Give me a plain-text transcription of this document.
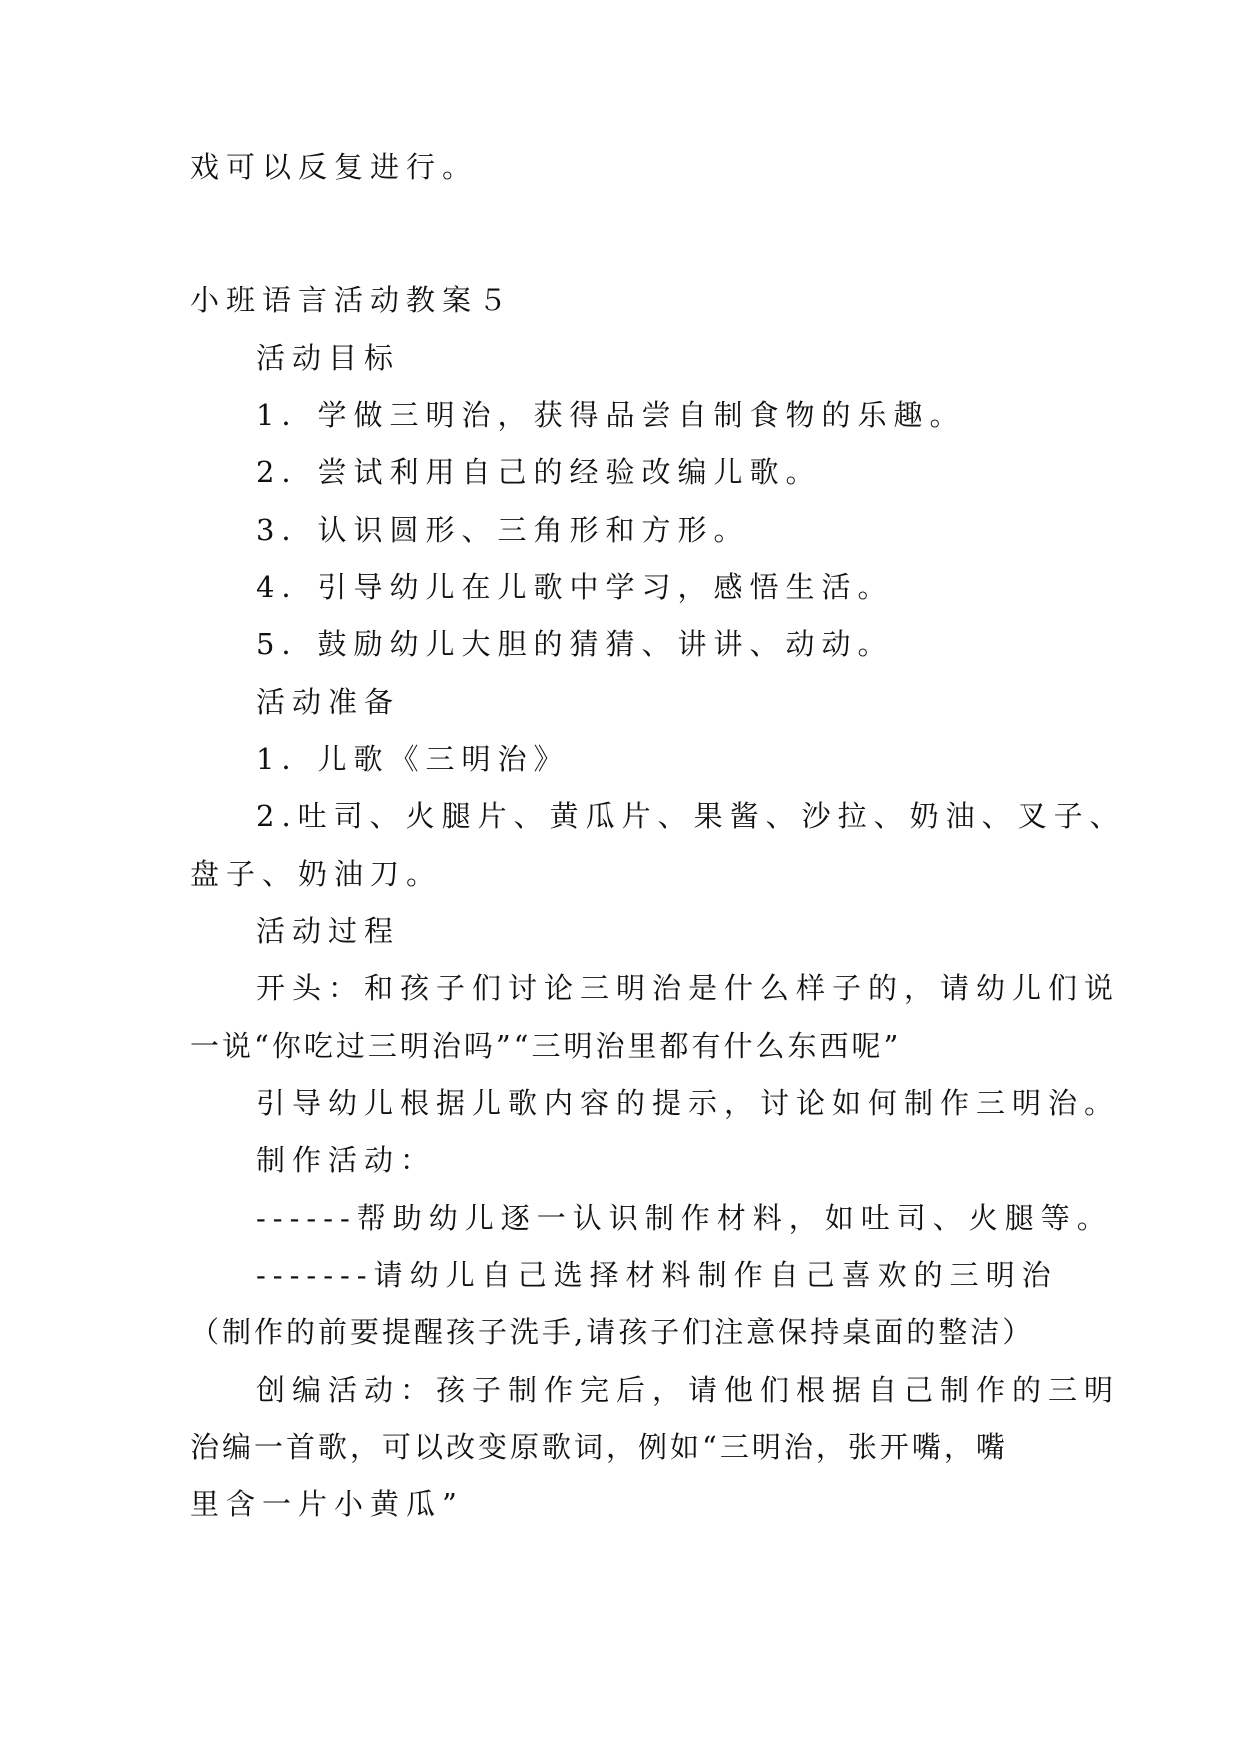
戏可以反复进行。

小班语言活动教案５

活动目标

1．学做三明治，获得品尝自制食物的乐趣。

2．尝试利用自己的经验改编儿歌。

3．认识圆形、三角形和方形。

4．引导幼儿在儿歌中学习，感悟生活。

5．鼓励幼儿大胆的猜猜、讲讲、动动。

活动准备

1．儿歌《三明治》

2.吐司、火腿片、黄瓜片、果酱、沙拉、奶油、叉子、

盘子、奶油刀。

活动过程

开头：和孩子们讨论三明治是什么样子的，请幼儿们说

一说“你吃过三明治吗”“三明治里都有什么东西呢”

引导幼儿根据儿歌内容的提示，讨论如何制作三明治。

制作活动：

------帮助幼儿逐一认识制作材料，如吐司、火腿等。

-------请幼儿自己选择材料制作自己喜欢的三明治

（制作的前要提醒孩子洗手,请孩子们注意保持桌面的整洁）

创编活动：孩子制作完后，请他们根据自己制作的三明

治编一首歌，可以改变原歌词，例如“三明治，张开嘴，嘴

里含一片小黄瓜”
